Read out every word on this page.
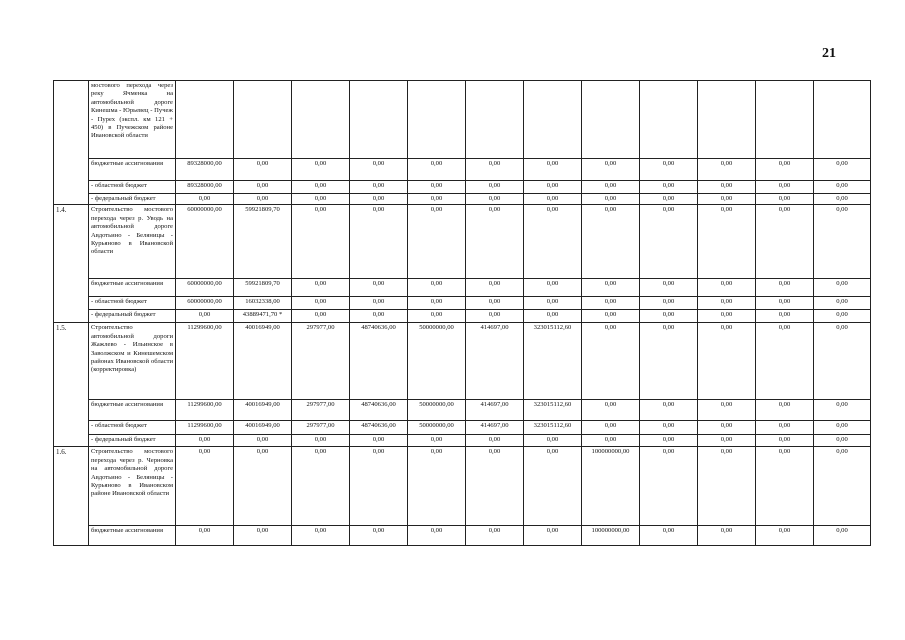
21
	мостового перехода через реку Ячменка на автомобильной дороге Кинешма - Юрьевец - Пучеж - Пурех (экспл. км 121 + 450) в Пучежском районе Ивановской области												
	бюджетные ассигнования	89328000,00	0,00	0,00	0,00	0,00	0,00	0,00	0,00	0,00	0,00	0,00	0,00
	- областной бюджет	89328000,00	0,00	0,00	0,00	0,00	0,00	0,00	0,00	0,00	0,00	0,00	0,00
	- федеральный бюджет	0,00	0,00	0,00	0,00	0,00	0,00	0,00	0,00	0,00	0,00	0,00	0,00
1.4.	Строительство мостового перехода через р. Уводь на автомобильной дороге Авдотьино - Беляницы - Курьяново в Ивановской области	60000000,00	59921809,70	0,00	0,00	0,00	0,00	0,00	0,00	0,00	0,00	0,00	0,00
	бюджетные ассигнования	60000000,00	59921809,70	0,00	0,00	0,00	0,00	0,00	0,00	0,00	0,00	0,00	0,00
	- областной бюджет	60000000,00	16032338,00	0,00	0,00	0,00	0,00	0,00	0,00	0,00	0,00	0,00	0,00
	- федеральный бюджет	0,00	43889471,70 *	0,00	0,00	0,00	0,00	0,00	0,00	0,00	0,00	0,00	0,00
1.5.	Строительство автомобильной дороги Жажлево - Ильинское в Заволжском и Кинешемском районах Ивановской области (корректировка)	11299600,00	40016949,00	297977,00	48740636,00	50000000,00	414697,00	323015112,60	0,00	0,00	0,00	0,00	0,00
	бюджетные ассигнования	11299600,00	40016949,00	297977,00	48740636,00	50000000,00	414697,00	323015112,60	0,00	0,00	0,00	0,00	0,00
	- областной бюджет	11299600,00	40016949,00	297977,00	48740636,00	50000000,00	414697,00	323015112,60	0,00	0,00	0,00	0,00	0,00
	- федеральный бюджет	0,00	0,00	0,00	0,00	0,00	0,00	0,00	0,00	0,00	0,00	0,00	0,00
1.6.	Строительство мостового перехода через р. Черновка на автомобильной дороге Авдотьино - Беляницы - Курьяново в Ивановском районе Ивановской области	0,00	0,00	0,00	0,00	0,00	0,00	0,00	100000000,00	0,00	0,00	0,00	0,00
	бюджетные ассигнования	0,00	0,00	0,00	0,00	0,00	0,00	0,00	100000000,00	0,00	0,00	0,00	0,00
